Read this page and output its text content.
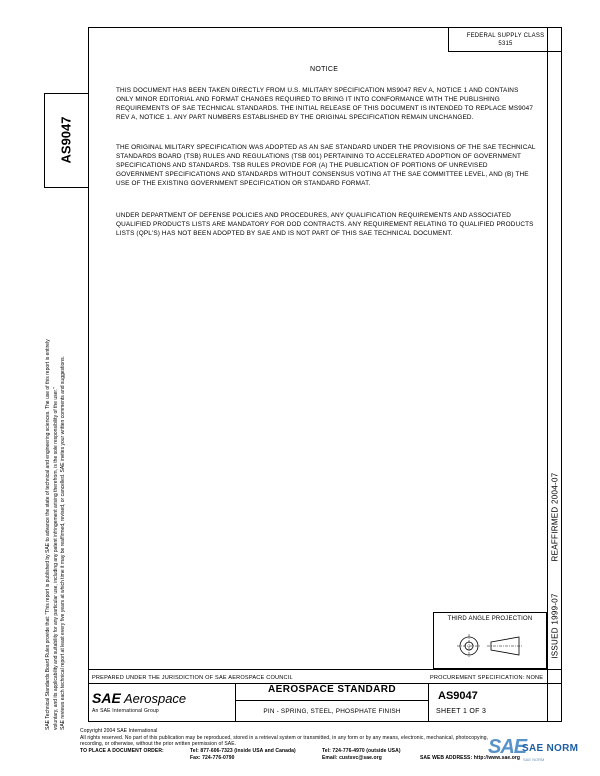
FEDERAL SUPPLY CLASS
5315
AS9047
SAE Technical Standards Board Rules provide that: "This report is published by SAE to advance the state of technical and engineering sciences. The use of this report is entirely voluntary, and its applicability and suitability for any particular use, including any patent infringement arising therefrom, is the sole responsibility of the user." SAE reviews each technical report at least every five years at which time it may be reaffirmed, revised, or cancelled. SAE invites your written comments and suggestions.
NOTICE
THIS DOCUMENT HAS BEEN TAKEN DIRECTLY FROM U.S. MILITARY SPECIFICATION MS9047 REV A, NOTICE 1 AND CONTAINS ONLY MINOR EDITORIAL AND FORMAT CHANGES REQUIRED TO BRING IT INTO CONFORMANCE WITH THE PUBLISHING REQUIREMENTS OF SAE TECHNICAL STANDARDS. THE INITIAL RELEASE OF THIS DOCUMENT IS INTENDED TO REPLACE MS9047 REV A, NOTICE 1. ANY PART NUMBERS ESTABLISHED BY THE ORIGINAL SPECIFICATION REMAIN UNCHANGED.
THE ORIGINAL MILITARY SPECIFICATION WAS ADOPTED AS AN SAE STANDARD UNDER THE PROVISIONS OF THE SAE TECHNICAL STANDARDS BOARD (TSB) RULES AND REGULATIONS (TSB 001) PERTAINING TO ACCELERATED ADOPTION OF GOVERNMENT SPECIFICATIONS AND STANDARDS. TSB RULES PROVIDE FOR (A) THE PUBLICATION OF PORTIONS OF UNREVISED GOVERNMENT SPECIFICATIONS AND STANDARDS WITHOUT CONSENSUS VOTING AT THE SAE COMMITTEE LEVEL, AND (B) THE USE OF THE EXISTING GOVERNMENT SPECIFICATION OR STANDARD FORMAT.
UNDER DEPARTMENT OF DEFENSE POLICIES AND PROCEDURES, ANY QUALIFICATION REQUIREMENTS AND ASSOCIATED QUALIFIED PRODUCTS LISTS ARE MANDATORY FOR DOD CONTRACTS. ANY REQUIREMENT RELATING TO QUALIFIED PRODUCTS LISTS (QPL'S) HAS NOT BEEN ADOPTED BY SAE AND IS NOT PART OF THIS SAE TECHNICAL DOCUMENT.
REAFFIRMED 2004-07
ISSUED 1999-07
THIRD ANGLE PROJECTION
PREPARED UNDER THE JURISDICTION OF SAE AEROSPACE COUNCIL	PROCUREMENT SPECIFICATION: NONE
SAE Aerospace
An SAE International Group
AEROSPACE STANDARD
PIN - SPRING, STEEL, PHOSPHATE FINISH
AS9047
SHEET 1 OF 3
Copyright 2004 SAE International
All rights reserved. No part of this publication may be reproduced, stored in a retrieval system or transmitted, in any form or by any means, electronic, mechanical, photocopying,
recording, or otherwise, without the prior written permission of SAE.
TO PLACE A DOCUMENT ORDER:	Tel: 877-606-7323 (inside USA and Canada)	Tel: 724-776-4970 (outside USA)
Fax: 724-776-0790	Email: custsvc@sae.org	SAE WEB ADDRESS: http://www.sae.org
SAE
SAE NORM
SAE NORM
